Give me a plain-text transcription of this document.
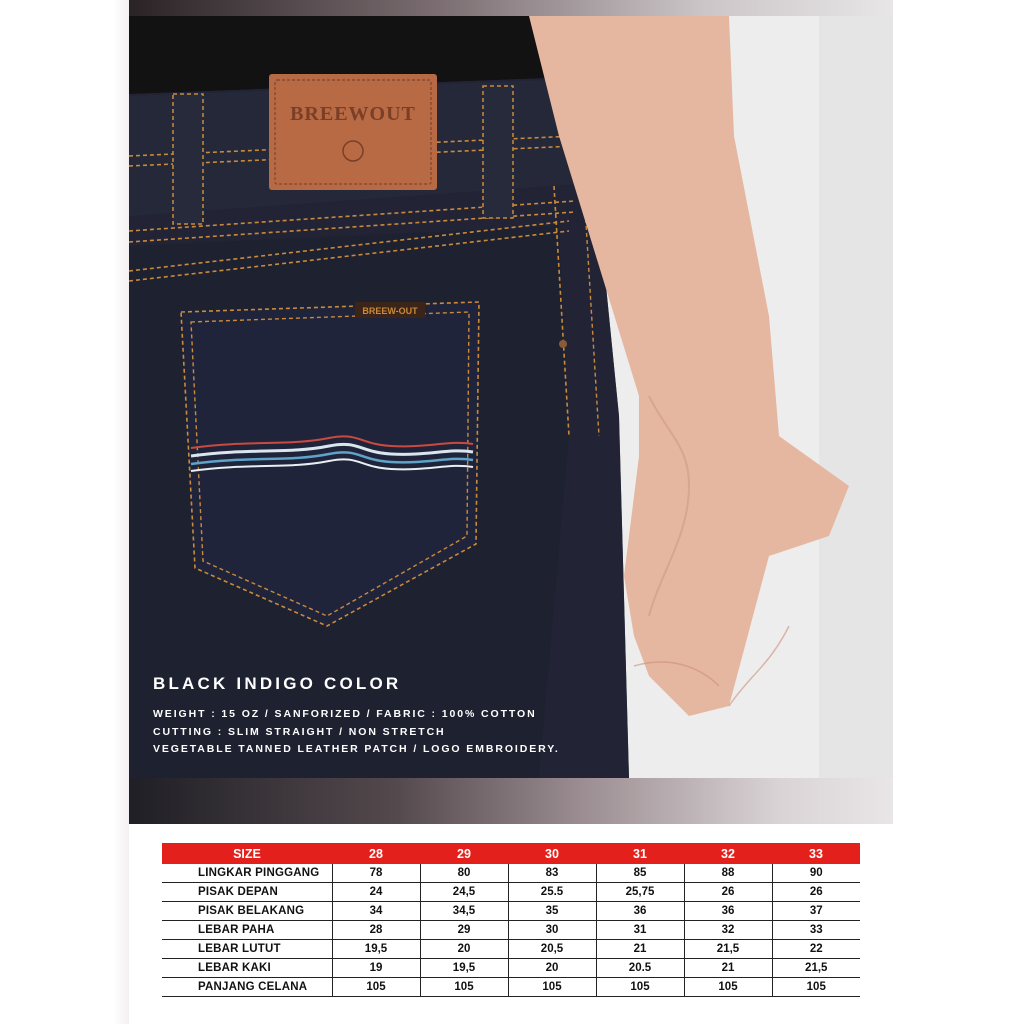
BREEWOUT
BREEW-OUT
BLACK INDIGO COLOR
WEIGHT : 15 OZ / SANFORIZED / FABRIC : 100% COTTON
CUTTING : SLIM STRAIGHT / NON STRETCH
VEGETABLE TANNED LEATHER PATCH / LOGO EMBROIDERY.
SIZE	28	29	30	31	32	33
LINGKAR PINGGANG	78	80	83	85	88	90
PISAK DEPAN	24	24,5	25.5	25,75	26	26
PISAK BELAKANG	34	34,5	35	36	36	37
LEBAR PAHA	28	29	30	31	32	33
LEBAR LUTUT	19,5	20	20,5	21	21,5	22
LEBAR KAKI	19	19,5	20	20.5	21	21,5
PANJANG CELANA	105	105	105	105	105	105
